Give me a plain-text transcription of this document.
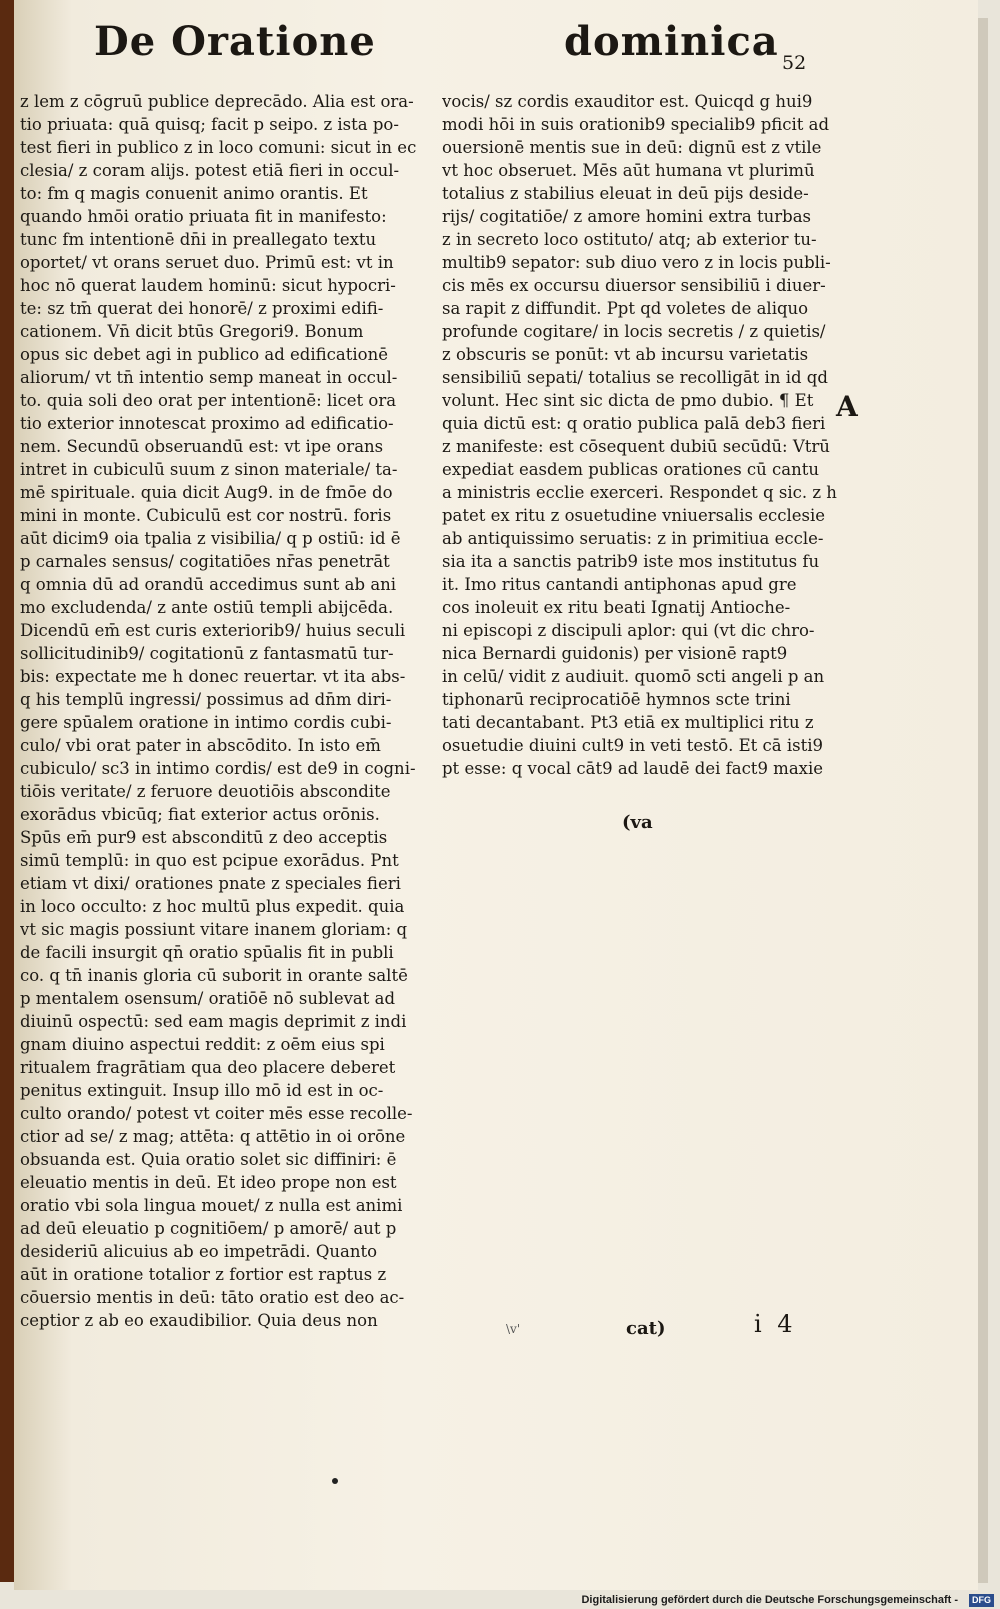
De Oratione	dominica 52
z lem z cōgruū publice deprecādo. Alia est ora-
tio priuata: quā quisq; facit p seipo. z ista po-
test fieri in publico z in loco comuni: sicut in ec
clesia/ z coram alijs. potest etiā fieri in occul-
to: fm q magis conuenit animo orantis. Et
quando hmōi oratio priuata fit in manifesto:
tunc fm intentionē dn̄i in preallegato textu
oportet/ vt orans seruet duo. Primū est: vt in
hoc nō querat laudem hominū: sicut hypocri-
te: sz tm̄ querat dei honorē/ z proximi edifi-
cationem. Vn̄ dicit btūs Gregori9. Bonum
opus sic debet agi in publico ad edificationē
aliorum/ vt tn̄ intentio semp maneat in occul-
to. quia soli deo orat per intentionē: licet ora
tio exterior innotescat proximo ad edificatio-
nem. Secundū obseruandū est: vt ipe orans
intret in cubiculū suum z sinon materiale/ ta-
mē spirituale. quia dicit Aug9. in de fmōe do
mini in monte. Cubiculū est cor nostrū. foris
aūt dicim9 oia tpalia z visibilia/ q p ostiū: id ē
p carnales sensus/ cogitatiōes nr̄as penetrāt
q omnia dū ad orandū accedimus sunt ab ani
mo excludenda/ z ante ostiū templi abijcēda.
Dicendū em̄ est curis exteriorib9/ huius seculi
sollicitudinib9/ cogitationū z fantasmatū tur-
bis: expectate me h donec reuertar. vt ita abs-
q his templū ingressi/ possimus ad dn̄m diri-
gere spūalem oratione in intimo cordis cubi-
culo/ vbi orat pater in abscōdito. In isto em̄
cubiculo/ sc3 in intimo cordis/ est de9 in cogni-
tiōis veritate/ z feruore deuotiōis abscondite
exorādus vbicūq; fiat exterior actus orōnis.
Spūs em̄ pur9 est absconditū z deo acceptis
simū templū: in quo est pcipue exorādus. Pnt
etiam vt dixi/ orationes pnate z speciales fieri
in loco occulto: z hoc multū plus expedit. quia
vt sic magis possiunt vitare inanem gloriam: q
de facili insurgit qn̄ oratio spūalis fit in publi
co. q tn̄ inanis gloria cū suborit in orante saltē
p mentalem osensum/ oratiōē nō sublevat ad
diuinū ospectū: sed eam magis deprimit z indi
gnam diuino aspectui reddit: z oēm eius spi
ritualem fragrātiam qua deo placere deberet
penitus extinguit. Insup illo mō id est in oc-
culto orando/ potest vt coiter mēs esse recolle-
ctior ad se/ z mag; attēta: q attētio in oi orōne
obsuanda est. Quia oratio solet sic diffiniri: ē
eleuatio mentis in deū. Et ideo prope non est
oratio vbi sola lingua mouet/ z nulla est animi
ad deū eleuatio p cognitiōem/ p amorē/ aut p
desideriū alicuius ab eo impetrādi. Quanto
aūt in oratione totalior z fortior est raptus z
cōuersio mentis in deū: tāto oratio est deo ac-
ceptior z ab eo exaudibilior. Quia deus non
vocis/ sz cordis exauditor est. Quicqd g hui9
modi hōi in suis orationib9 specialib9 pficit ad
ouersionē mentis sue in deū: dignū est z vtile
vt hoc obseruet. Mēs aūt humana vt plurimū
totalius z stabilius eleuat in deū pijs deside-
rijs/ cogitatiōe/ z amore homini extra turbas
z in secreto loco ostituto/ atq; ab exterior tu-
multib9 sepator: sub diuo vero z in locis publi-
cis mēs ex occursu diuersor sensibiliū i diuer-
sa rapit z diffundit. Ppt qd voletes de aliquo
profunde cogitare/ in locis secretis / z quietis/
z obscuris se ponūt: vt ab incursu varietatis
sensibiliū sepati/ totalius se recolligāt in id qd
volunt. Hec sint sic dicta de pmo dubio. ¶ Et
quia dictū est: q oratio publica palā deb3 fieri
z manifeste: est cōsequent dubiū secūdū: Vtrū
expediat easdem publicas orationes cū cantu
a ministris ecclie exerceri. Respondet q sic. z h
patet ex ritu z osuetudine vniuersalis ecclesie
ab antiquissimo seruatis: z in primitiua eccle-
sia ita a sanctis patrib9 iste mos institutus fu
it. Imo ritus cantandi antiphonas apud gre
cos inoleuit ex ritu beati Ignatij Antioche-
ni episcopi z discipuli aplor: qui (vt dic chro-
nica Bernardi guidonis) per visionē rapt9
in celū/ vidit z audiuit. quomō scti angeli p an
tiphonarū reciprocatiōē hymnos scte trini
tati decantabant. Pt3 etiā ex multiplici ritu z
osuetudie diuini cult9 in veti testō. Et cā isti9
pt esse: q vocal cāt9 ad laudē dei fact9 maxie
A
(va
cat)
\v'	i 4
Digitalisierung gefördert durch die Deutsche Forschungsgemeinschaft -	DFG
